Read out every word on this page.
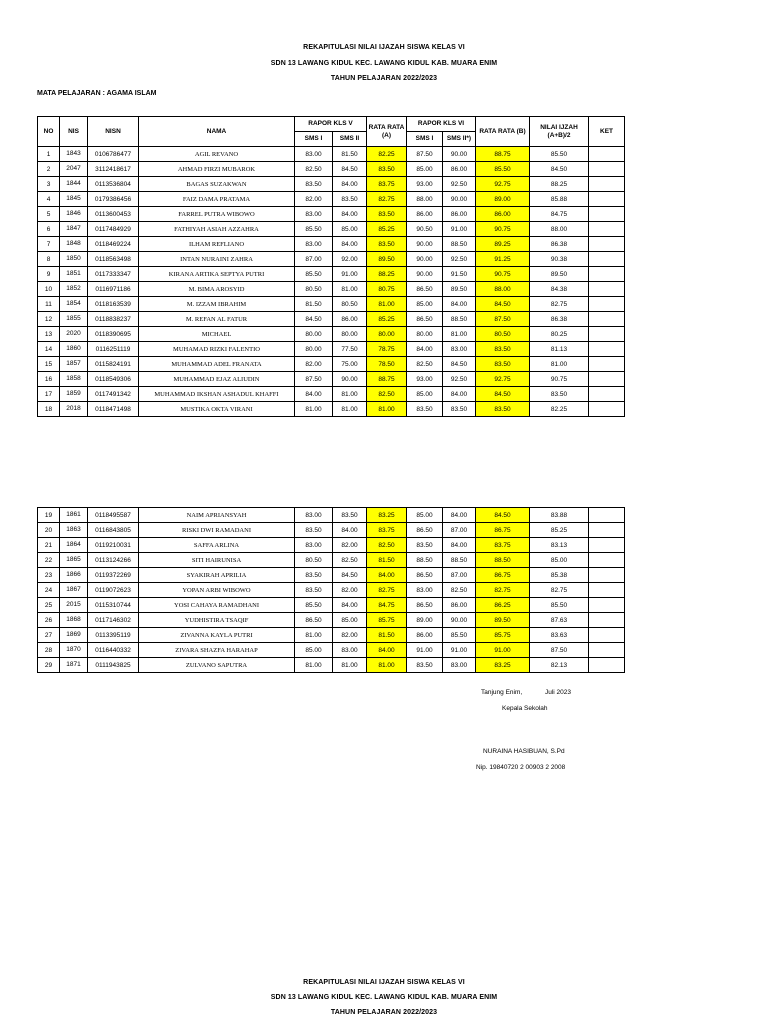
REKAPITULASI NILAI IJAZAH SISWA KELAS VI
SDN 13 LAWANG KIDUL KEC. LAWANG KIDUL KAB. MUARA ENIM
TAHUN PELAJARAN 2022/2023
MATA PELAJARAN : AGAMA ISLAM
NO	NIS	NISN	NAMA	RAPOR KLS V		RATA RATA (A)	RAPOR KLS VI		RATA RATA (B)	NILAI IJZAH (A+B)/2	KET
				SMS I	SMS II		SMS I	SMS II*)			
1	1843	0106786477	AGIL REVANO	83.00	81.50	82.25	87.50	90.00	88.75	85.50	
2	2047	3112418617	AHMAD FIRZI MUBAROK	82.50	84.50	83.50	85.00	86.00	85.50	84.50	
3	1844	0113536804	BAGAS SUZAKWAN	83.50	84.00	83.75	93.00	92.50	92.75	88.25	
4	1845	0179386456	FAIZ DAMA PRATAMA	82.00	83.50	82.75	88.00	90.00	89.00	85.88	
5	1846	0113600453	FARREL PUTRA WIBOWO	83.00	84.00	83.50	86.00	86.00	86.00	84.75	
6	1847	0117484929	FATHIYAH ASIAH AZZAHRA	85.50	85.00	85.25	90.50	91.00	90.75	88.00	
7	1848	0118469224	ILHAM REFLIANO	83.00	84.00	83.50	90.00	88.50	89.25	86.38	
8	1850	0118563498	INTAN NURAINI ZAHRA	87.00	92.00	89.50	90.00	92.50	91.25	90.38	
9	1851	0117333347	KIRANA ARTIKA SEPTYA PUTRI	85.50	91.00	88.25	90.00	91.50	90.75	89.50	
10	1852	0116971186	M. BIMA AROSYID	80.50	81.00	80.75	86.50	89.50	88.00	84.38	
11	1854	0118163539	M. IZZAM IBRAHIM	81.50	80.50	81.00	85.00	84.00	84.50	82.75	
12	1855	0118838237	M. REFAN AL FATUR	84.50	86.00	85.25	86.50	88.50	87.50	86.38	
13	2020	0118390695	MICHAEL	80.00	80.00	80.00	80.00	81.00	80.50	80.25	
14	1860	0116251119	MUHAMAD RIZKI FALENTIO	80.00	77.50	78.75	84.00	83.00	83.50	81.13	
15	1857	0115824191	MUHAMMAD ADEL FRANATA	82.00	75.00	78.50	82.50	84.50	83.50	81.00	
16	1858	0118549306	MUHAMMAD EJAZ ALIUDIN	87.50	90.00	88.75	93.00	92.50	92.75	90.75	
17	1859	0117491342	MUHAMMAD IKSHAN ASHADUL KHAFFI	84.00	81.00	82.50	85.00	84.00	84.50	83.50	
18	2018	0118471498	MUSTIKA OKTA VIRANI	81.00	81.00	81.00	83.50	83.50	83.50	82.25	
19	1861	0118495587	NAIM APRIANSYAH	83.00	83.50	83.25	85.00	84.00	84.50	83.88	
20	1863	0116843805	RISKI DWI RAMADANI	83.50	84.00	83.75	86.50	87.00	86.75	85.25	
21	1864	0119210031	SAFFA ARLINA	83.00	82.00	82.50	83.50	84.00	83.75	83.13	
22	1865	0113124266	SITI HAIRUNISA	80.50	82.50	81.50	88.50	88.50	88.50	85.00	
23	1866	0119372269	SYAKIRAH APRILIA	83.50	84.50	84.00	86.50	87.00	86.75	85.38	
24	1867	0119072623	YOPAN ARBI WIBOWO	83.50	82.00	82.75	83.00	82.50	82.75	82.75	
25	2015	0115310744	YOSI CAHAYA RAMADHANI	85.50	84.00	84.75	86.50	86.00	86.25	85.50	
26	1868	0117146302	YUDHISTIRA TSAQIF	86.50	85.00	85.75	89.00	90.00	89.50	87.63	
27	1869	0113395119	ZIVANNA KAYLA PUTRI	81.00	82.00	81.50	86.00	85.50	85.75	83.63	
28	1870	0116440332	ZIVARA SHAZFA HARAHAP	85.00	83.00	84.00	91.00	91.00	91.00	87.50	
29	1871	0111943825	ZULVANO SAPUTRA	81.00	81.00	81.00	83.50	83.00	83.25	82.13	
Tanjung Enim,	Juli 2023
Kepala Sekolah
NURAINA HASIBUAN, S.Pd
Nip. 19840720 2 00903 2 2008
REKAPITULASI NILAI IJAZAH SISWA KELAS VI
SDN 13 LAWANG KIDUL KEC. LAWANG KIDUL KAB. MUARA ENIM
TAHUN PELAJARAN 2022/2023
